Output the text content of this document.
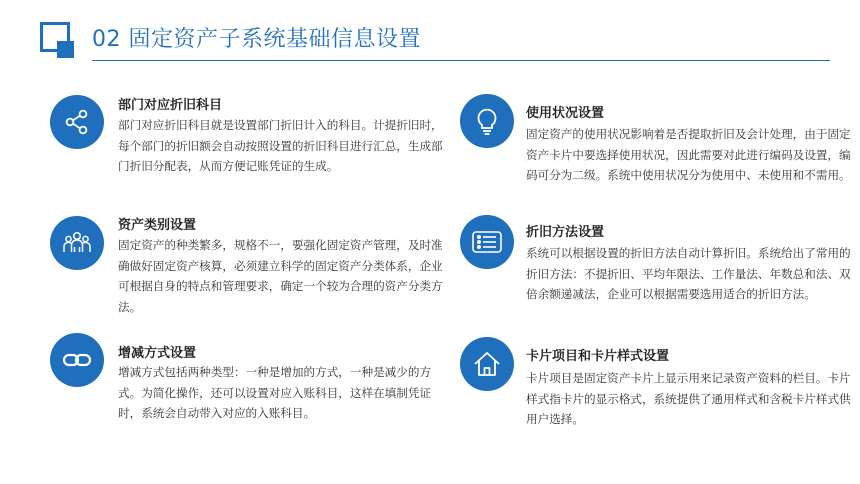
02 固定资产子系统基础信息设置
部门对应折旧科目
部门对应折旧科目就是设置部门折旧计入的科目。计提折旧时，每个部门的折旧额会自动按照设置的折旧科目进行汇总，生成部门折旧分配表，从而方便记账凭证的生成。
资产类别设置
固定资产的种类繁多，规格不一，要强化固定资产管理，及时准确做好固定资产核算，必须建立科学的固定资产分类体系，企业可根据自身的特点和管理要求，确定一个较为合理的资产分类方法。
增减方式设置
增减方式包括两种类型：一种是增加的方式，一种是减少的方式。为简化操作，还可以设置对应入账科目，这样在填制凭证时，系统会自动带入对应的入账科目。
使用状况设置
固定资产的使用状况影响着是否提取折旧及会计处理，由于固定资产卡片中要选择使用状况，因此需要对此进行编码及设置，编码可分为二级。系统中使用状况分为使用中、未使用和不需用。
折旧方法设置
系统可以根据设置的折旧方法自动计算折旧。系统给出了常用的折旧方法：不提折旧、平均年限法、工作量法、年数总和法、双倍余额递减法，企业可以根据需要选用适合的折旧方法。
卡片项目和卡片样式设置
卡片项目是固定资产卡片上显示用来记录资产资料的栏目。卡片样式指卡片的显示格式，系统提供了通用样式和含税卡片样式供用户选择。
